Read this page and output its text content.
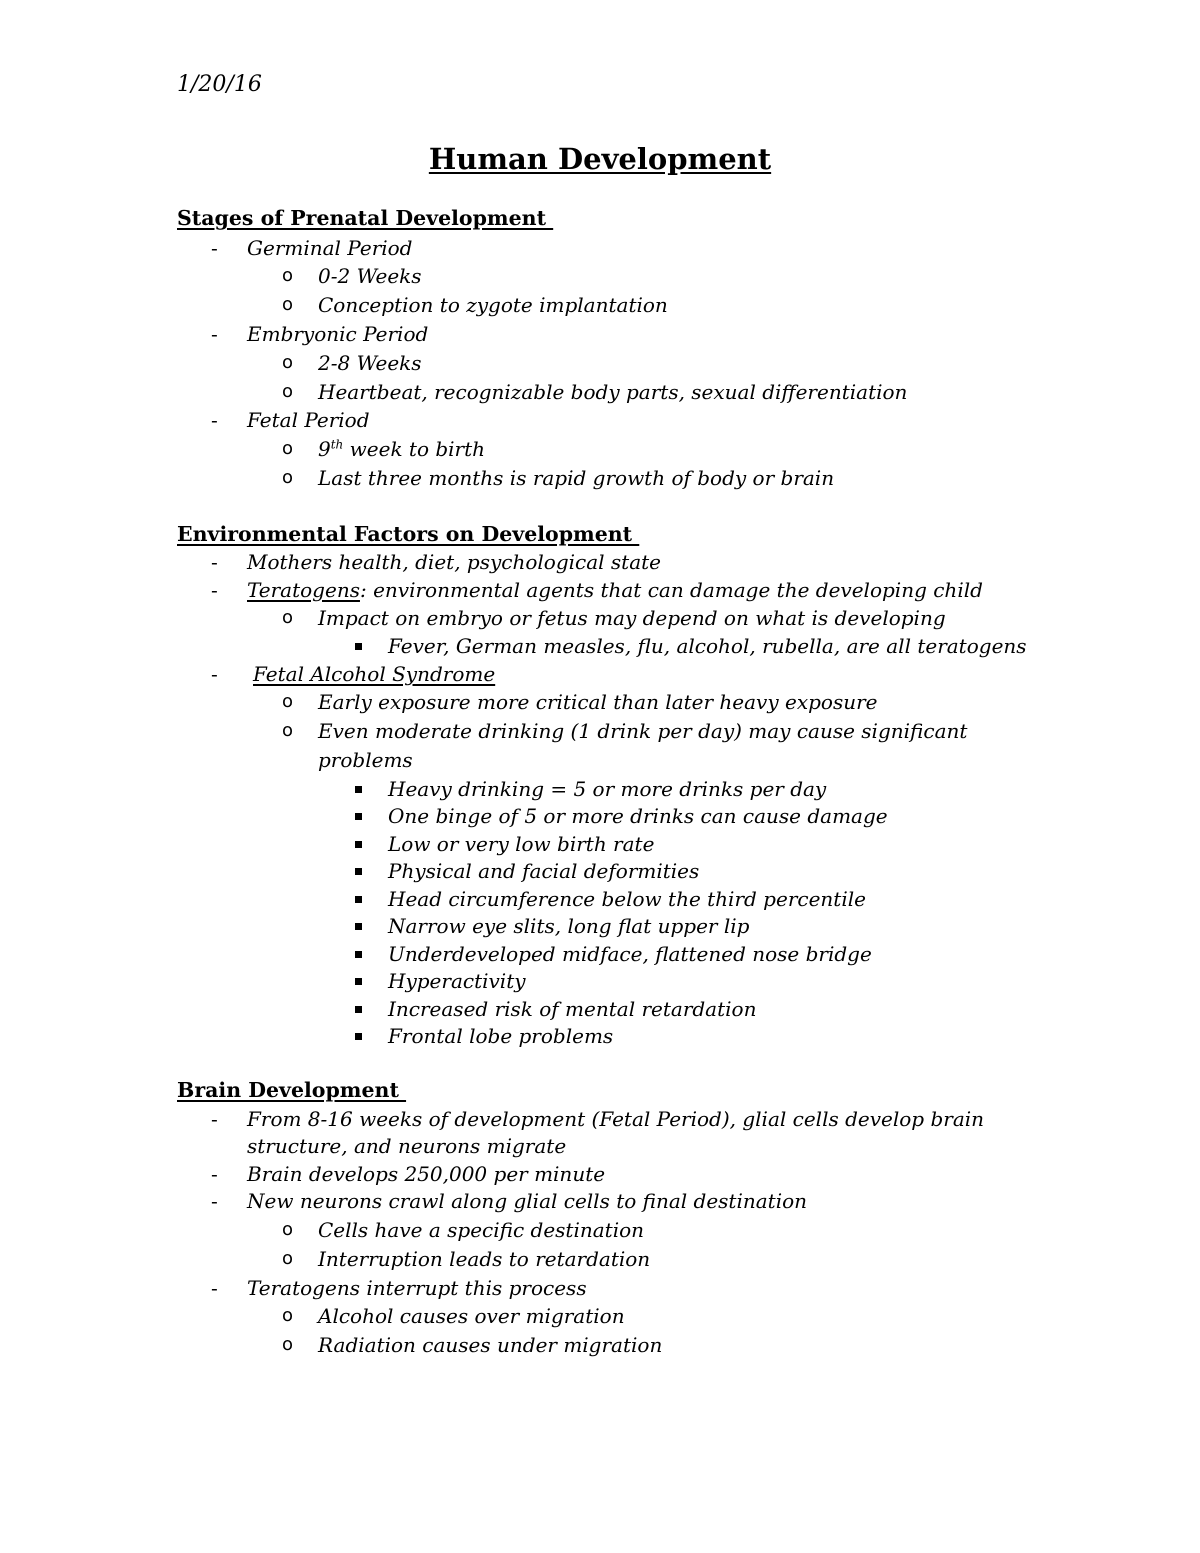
1/20/16
Human Development
Stages of Prenatal Development
- Germinal Period
o 0-2 Weeks
o Conception to zygote implantation
- Embryonic Period
o 2-8 Weeks
o Heartbeat, recognizable body parts, sexual differentiation
- Fetal Period
o 9th week to birth
o Last three months is rapid growth of body or brain
Environmental Factors on Development
- Mothers health, diet, psychological state
- Teratogens: environmental agents that can damage the developing child
o Impact on embryo or fetus may depend on what is developing
Fever, German measles, flu, alcohol, rubella, are all teratogens
- Fetal Alcohol Syndrome
o Early exposure more critical than later heavy exposure
o Even moderate drinking (1 drink per day) may cause significant
problems
Heavy drinking = 5 or more drinks per day
One binge of 5 or more drinks can cause damage
Low or very low birth rate
Physical and facial deformities
Head circumference below the third percentile
Narrow eye slits, long flat upper lip
Underdeveloped midface, flattened nose bridge
Hyperactivity
Increased risk of mental retardation
Frontal lobe problems
Brain Development
- From 8-16 weeks of development (Fetal Period), glial cells develop brain
structure, and neurons migrate
- Brain develops 250,000 per minute
- New neurons crawl along glial cells to final destination
o Cells have a specific destination
o Interruption leads to retardation
- Teratogens interrupt this process
o Alcohol causes over migration
o Radiation causes under migration
